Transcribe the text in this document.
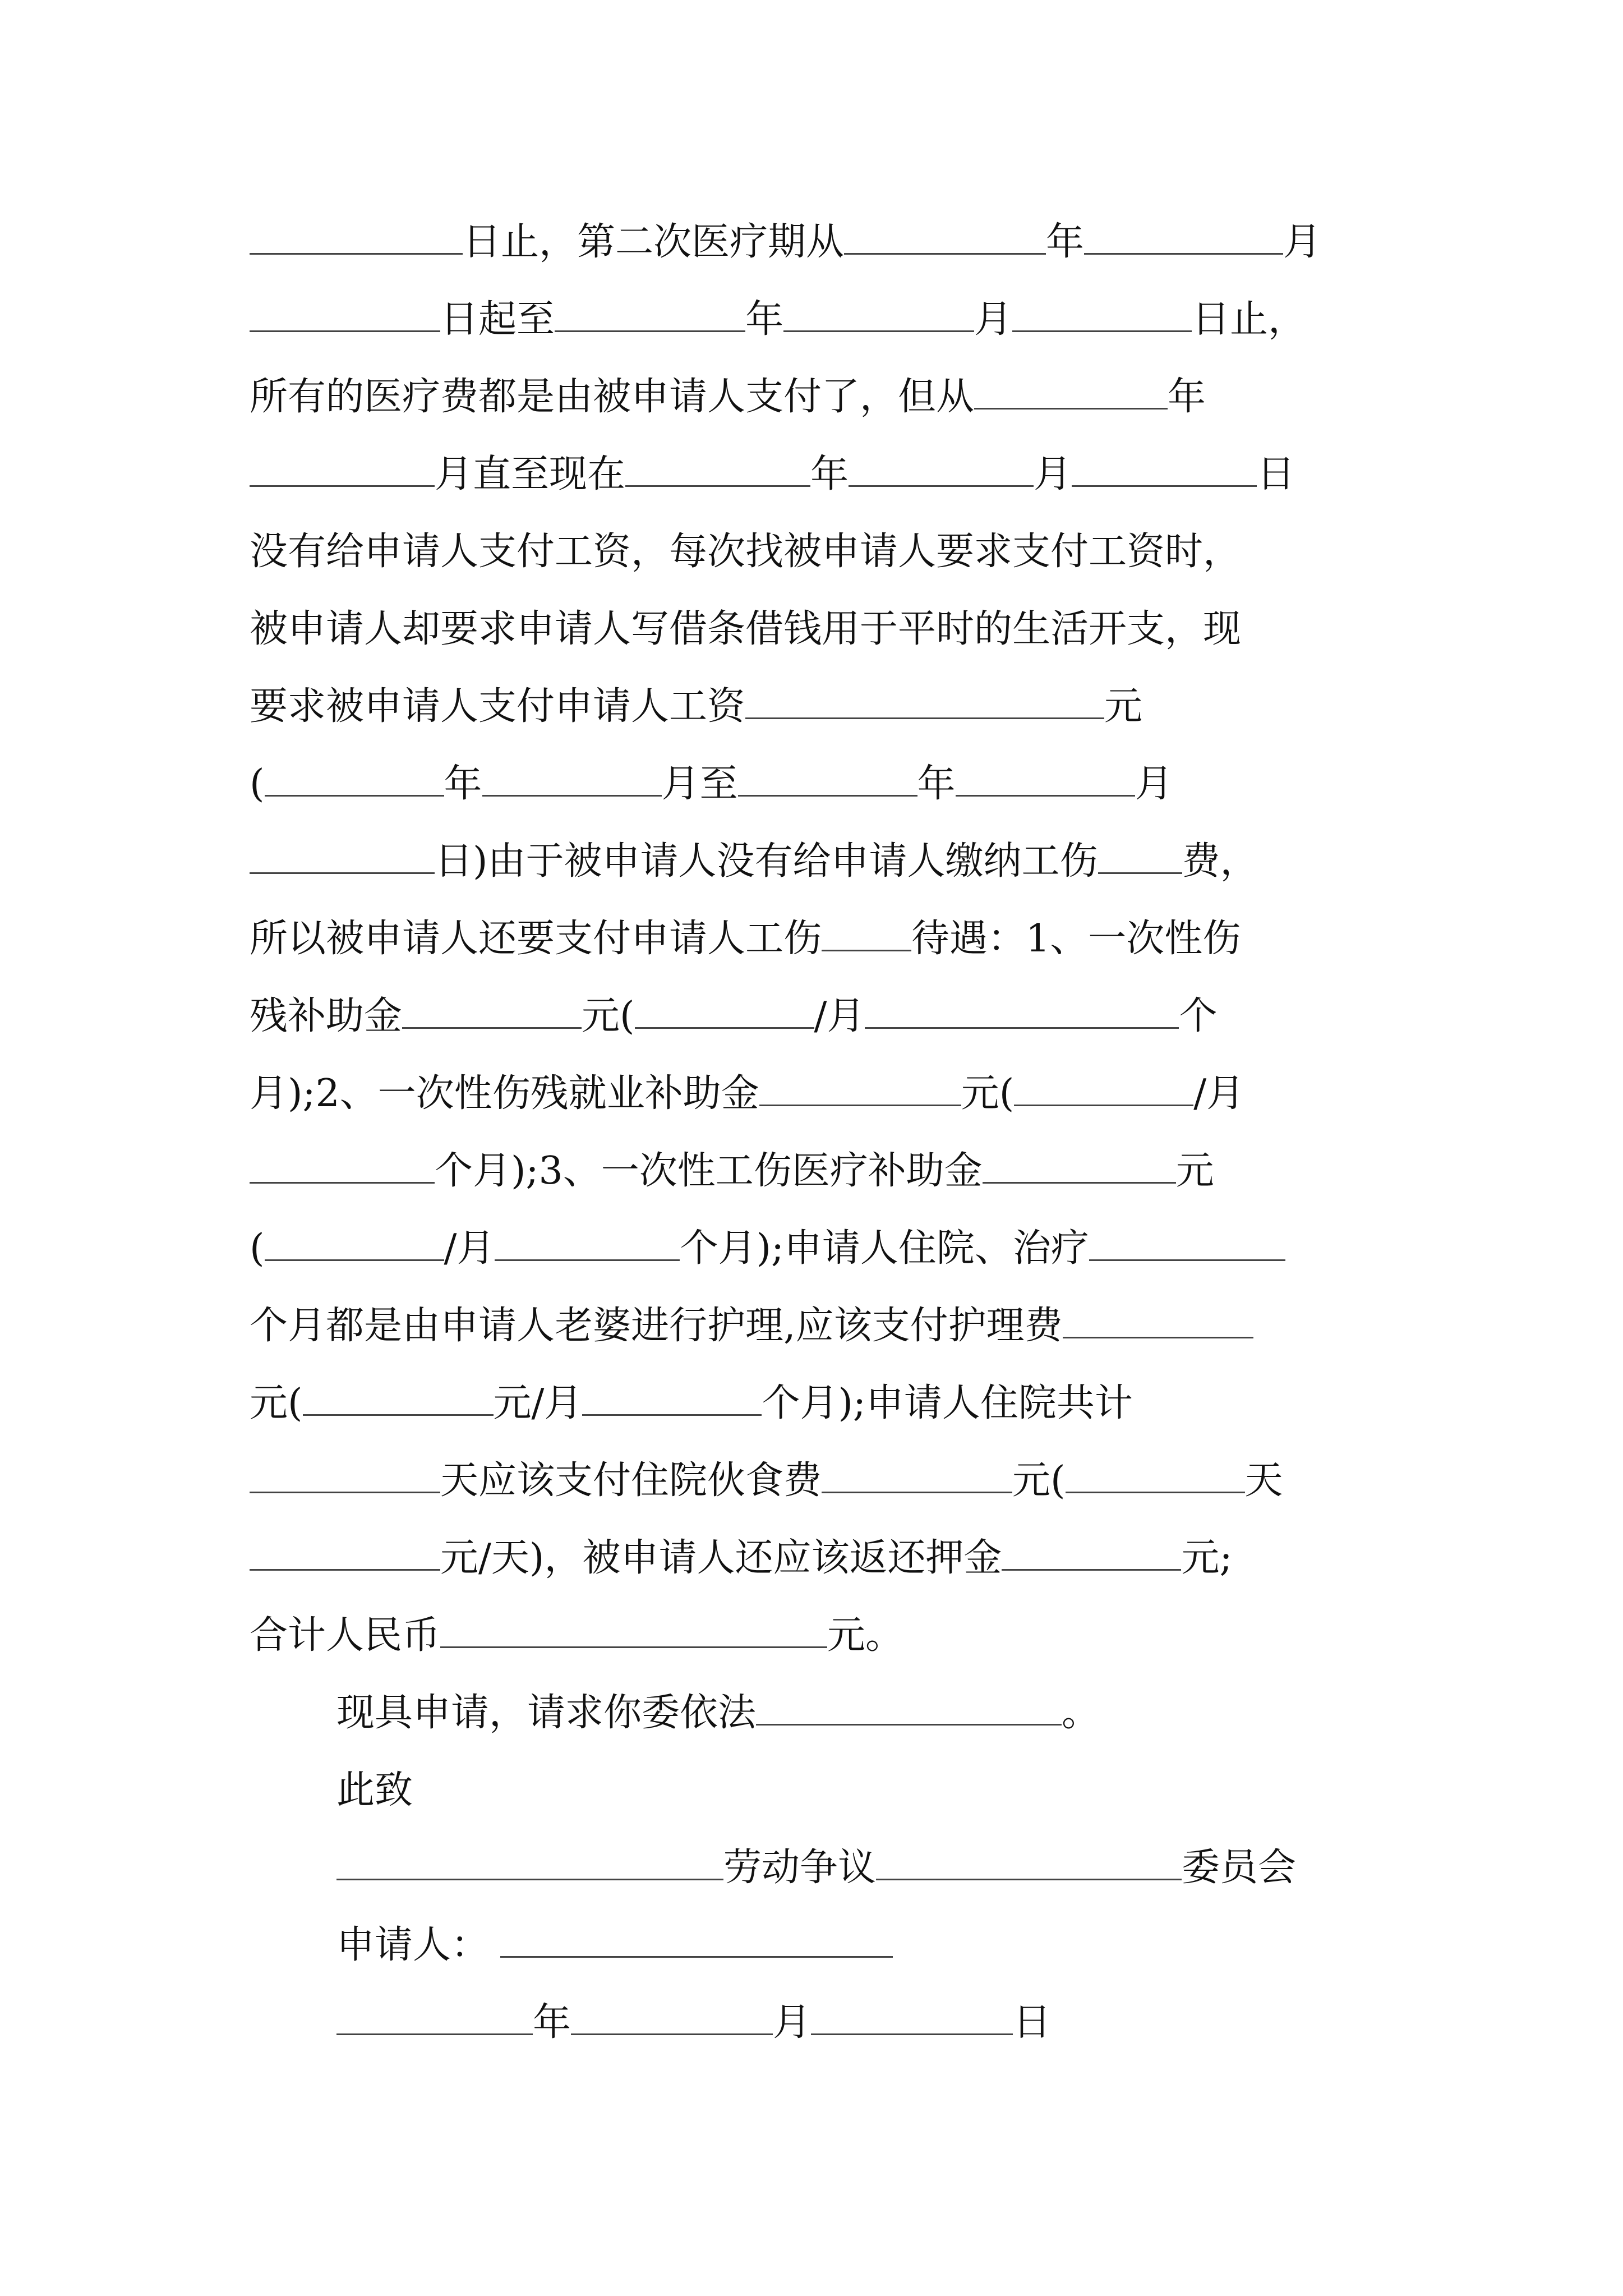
日止，第二次医疗期从	年	月
日起至	年	月	日止，
所有的医疗费都是由被申请人支付了，但从	年
月直至现在	年	月	日
没有给申请人支付工资，每次找被申请人要求支付工资时，
被申请人却要求申请人写借条借钱用于平时的生活开支，现
要求被申请人支付申请人工资	元
(	年	月至	年	月
日)由于被申请人没有给申请人缴纳工伤 费，
所以被申请人还要支付申请人工伤 待遇：1、一次性伤
残补助金	元(	/月	个
月);2、一次性伤残就业补助金	元(	/月
个月);3、一次性工伤医疗补助金	元
(	/月	个月);申请人住院、治疗
个月都是由申请人老婆进行护理,应该支付护理费
元(	元/月	个月);申请人住院共计
天应该支付住院伙食费	元(	天
元/天)，被申请人还应该返还押金	元;
合计人民币	元。
现具申请，请求你委依法	。
此致
劳动争议	委员会
申请人：
年	月	日
